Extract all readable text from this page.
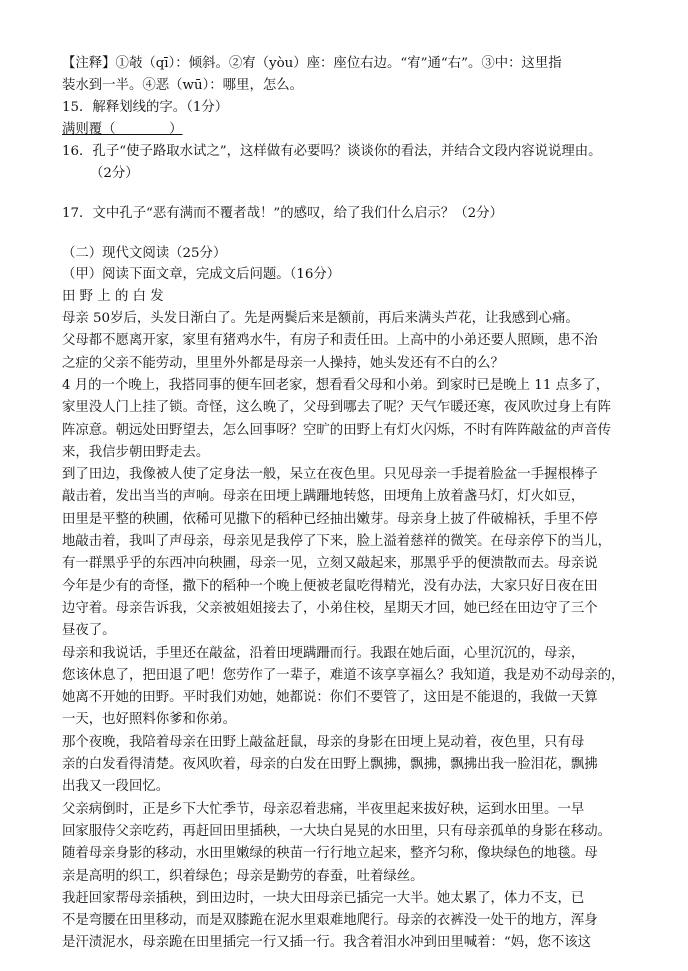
【注释】①攲（qī）：倾斜。②宥（yòu）座：座位右边。“宥”通“右”。③中：这里指
装水到一半。④恶（wū）：哪里，怎么。
15．解释划线的字。（1分）
满则覆（　　　　）
16．孔子“使子路取水试之”，这样做有必要吗？谈谈你的看法，并结合文段内容说说理由。
（2分）
17．文中孔子“恶有满而不覆者哉！”的感叹，给了我们什么启示？（2分）
（二）现代文阅读（25分）
（甲）阅读下面文章，完成文后问题。（16分）
田 野 上 的 白 发
母亲 50岁后，头发日渐白了。先是两鬓后来是额前，再后来满头芦花，让我感到心痛。
父母都不愿离开家，家里有猪鸡水牛，有房子和责任田。上高中的小弟还要人照顾，患不治
之症的父亲不能劳动，里里外外都是母亲一人操持，她头发还有不白的么？
4 月的一个晚上，我搭同事的便车回老家，想看看父母和小弟。到家时已是晚上 11 点多了，
家里没人门上挂了锁。奇怪，这么晚了，父母到哪去了呢？天气乍暖还寒，夜风吹过身上有阵
阵凉意。朝远处田野望去，怎么回事呀？空旷的田野上有灯火闪烁，不时有阵阵敲盆的声音传
来，我信步朝田野走去。
到了田边，我像被人使了定身法一般，呆立在夜色里。只见母亲一手提着脸盆一手握根棒子
敲击着，发出当当的声响。母亲在田埂上蹒跚地转悠，田埂角上放着盏马灯，灯火如豆，
田里是平整的秧圃，依稀可见撒下的稻种已经抽出嫩芽。母亲身上披了件破棉袄，手里不停
地敲击着，我叫了声母亲，母亲见是我停了下来，脸上溢着慈祥的微笑。在母亲停下的当儿，
有一群黑乎乎的东西冲向秧圃，母亲一见，立刻又敲起来，那黑乎乎的便溃散而去。母亲说
今年是少有的奇怪，撒下的稻种一个晚上便被老鼠吃得精光，没有办法，大家只好日夜在田
边守着。母亲告诉我，父亲被姐姐接去了，小弟住校，星期天才回，她已经在田边守了三个
昼夜了。
母亲和我说话，手里还在敲盆，沿着田埂蹒跚而行。我跟在她后面，心里沉沉的，母亲，
您该休息了，把田退了吧！您劳作了一辈子，难道不该享享福么？我知道，我是劝不动母亲的，
她离不开她的田野。平时我们劝她，她都说：你们不要管了，这田是不能退的，我做一天算
一天，也好照料你爹和你弟。
那个夜晚，我陪着母亲在田野上敲盆赶鼠，母亲的身影在田埂上晃动着，夜色里，只有母
亲的白发看得清楚。夜风吹着，母亲的白发在田野上飘拂，飘拂，飘拂出我一脸泪花，飘拂
出我又一段回忆。
父亲病倒时，正是乡下大忙季节，母亲忍着悲痛，半夜里起来拔好秧，运到水田里。一早
回家服侍父亲吃药，再赶回田里插秧，一大块白晃晃的水田里，只有母亲孤单的身影在移动。
随着母亲身影的移动，水田里嫩绿的秧苗一行行地立起来，整齐匀称，像块绿色的地毯。母
亲是高明的织工，织着绿色；母亲是勤劳的春蚕，吐着绿丝。
我赶回家帮母亲插秧，到田边时，一块大田母亲已插完一大半。她太累了，体力不支，已
不是弯腰在田里移动，而是双膝跪在泥水里艰难地爬行。母亲的衣裤没一处干的地方，浑身
是汗渍泥水，母亲跪在田里插完一行又插一行。我含着泪水冲到田里喊着：“妈，您不该这
